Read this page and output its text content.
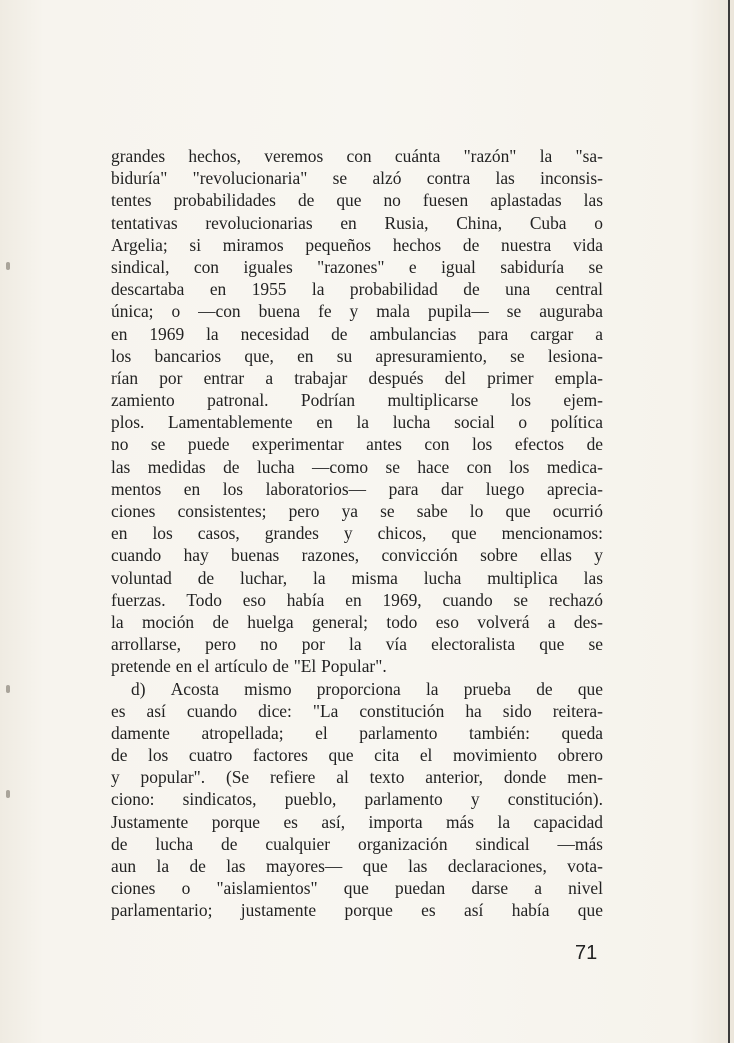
grandes hechos, veremos con cuánta "razón" la "sa-
biduría" "revolucionaria" se alzó contra las inconsis-
tentes probabilidades de que no fuesen aplastadas las
tentativas revolucionarias en Rusia, China, Cuba o
Argelia; si miramos pequeños hechos de nuestra vida
sindical, con iguales "razones" e igual sabiduría se
descartaba en 1955 la probabilidad de una central
única; o —con buena fe y mala pupila— se auguraba
en 1969 la necesidad de ambulancias para cargar a
los bancarios que, en su apresuramiento, se lesiona-
rían por entrar a trabajar después del primer empla-
zamiento patronal. Podrían multiplicarse los ejem-
plos. Lamentablemente en la lucha social o política
no se puede experimentar antes con los efectos de
las medidas de lucha —como se hace con los medica-
mentos en los laboratorios— para dar luego aprecia-
ciones consistentes; pero ya se sabe lo que ocurrió
en los casos, grandes y chicos, que mencionamos:
cuando hay buenas razones, convicción sobre ellas y
voluntad de luchar, la misma lucha multiplica las
fuerzas. Todo eso había en 1969, cuando se rechazó
la moción de huelga general; todo eso volverá a des-
arrollarse, pero no por la vía electoralista que se
pretende en el artículo de "El Popular".
d) Acosta mismo proporciona la prueba de que
es así cuando dice: "La constitución ha sido reitera-
damente atropellada; el parlamento también: queda
de los cuatro factores que cita el movimiento obrero
y popular". (Se refiere al texto anterior, donde men-
ciono: sindicatos, pueblo, parlamento y constitución).
Justamente porque es así, importa más la capacidad
de lucha de cualquier organización sindical —más
aun la de las mayores— que las declaraciones, vota-
ciones o "aislamientos" que puedan darse a nivel
parlamentario; justamente porque es así había que
71
